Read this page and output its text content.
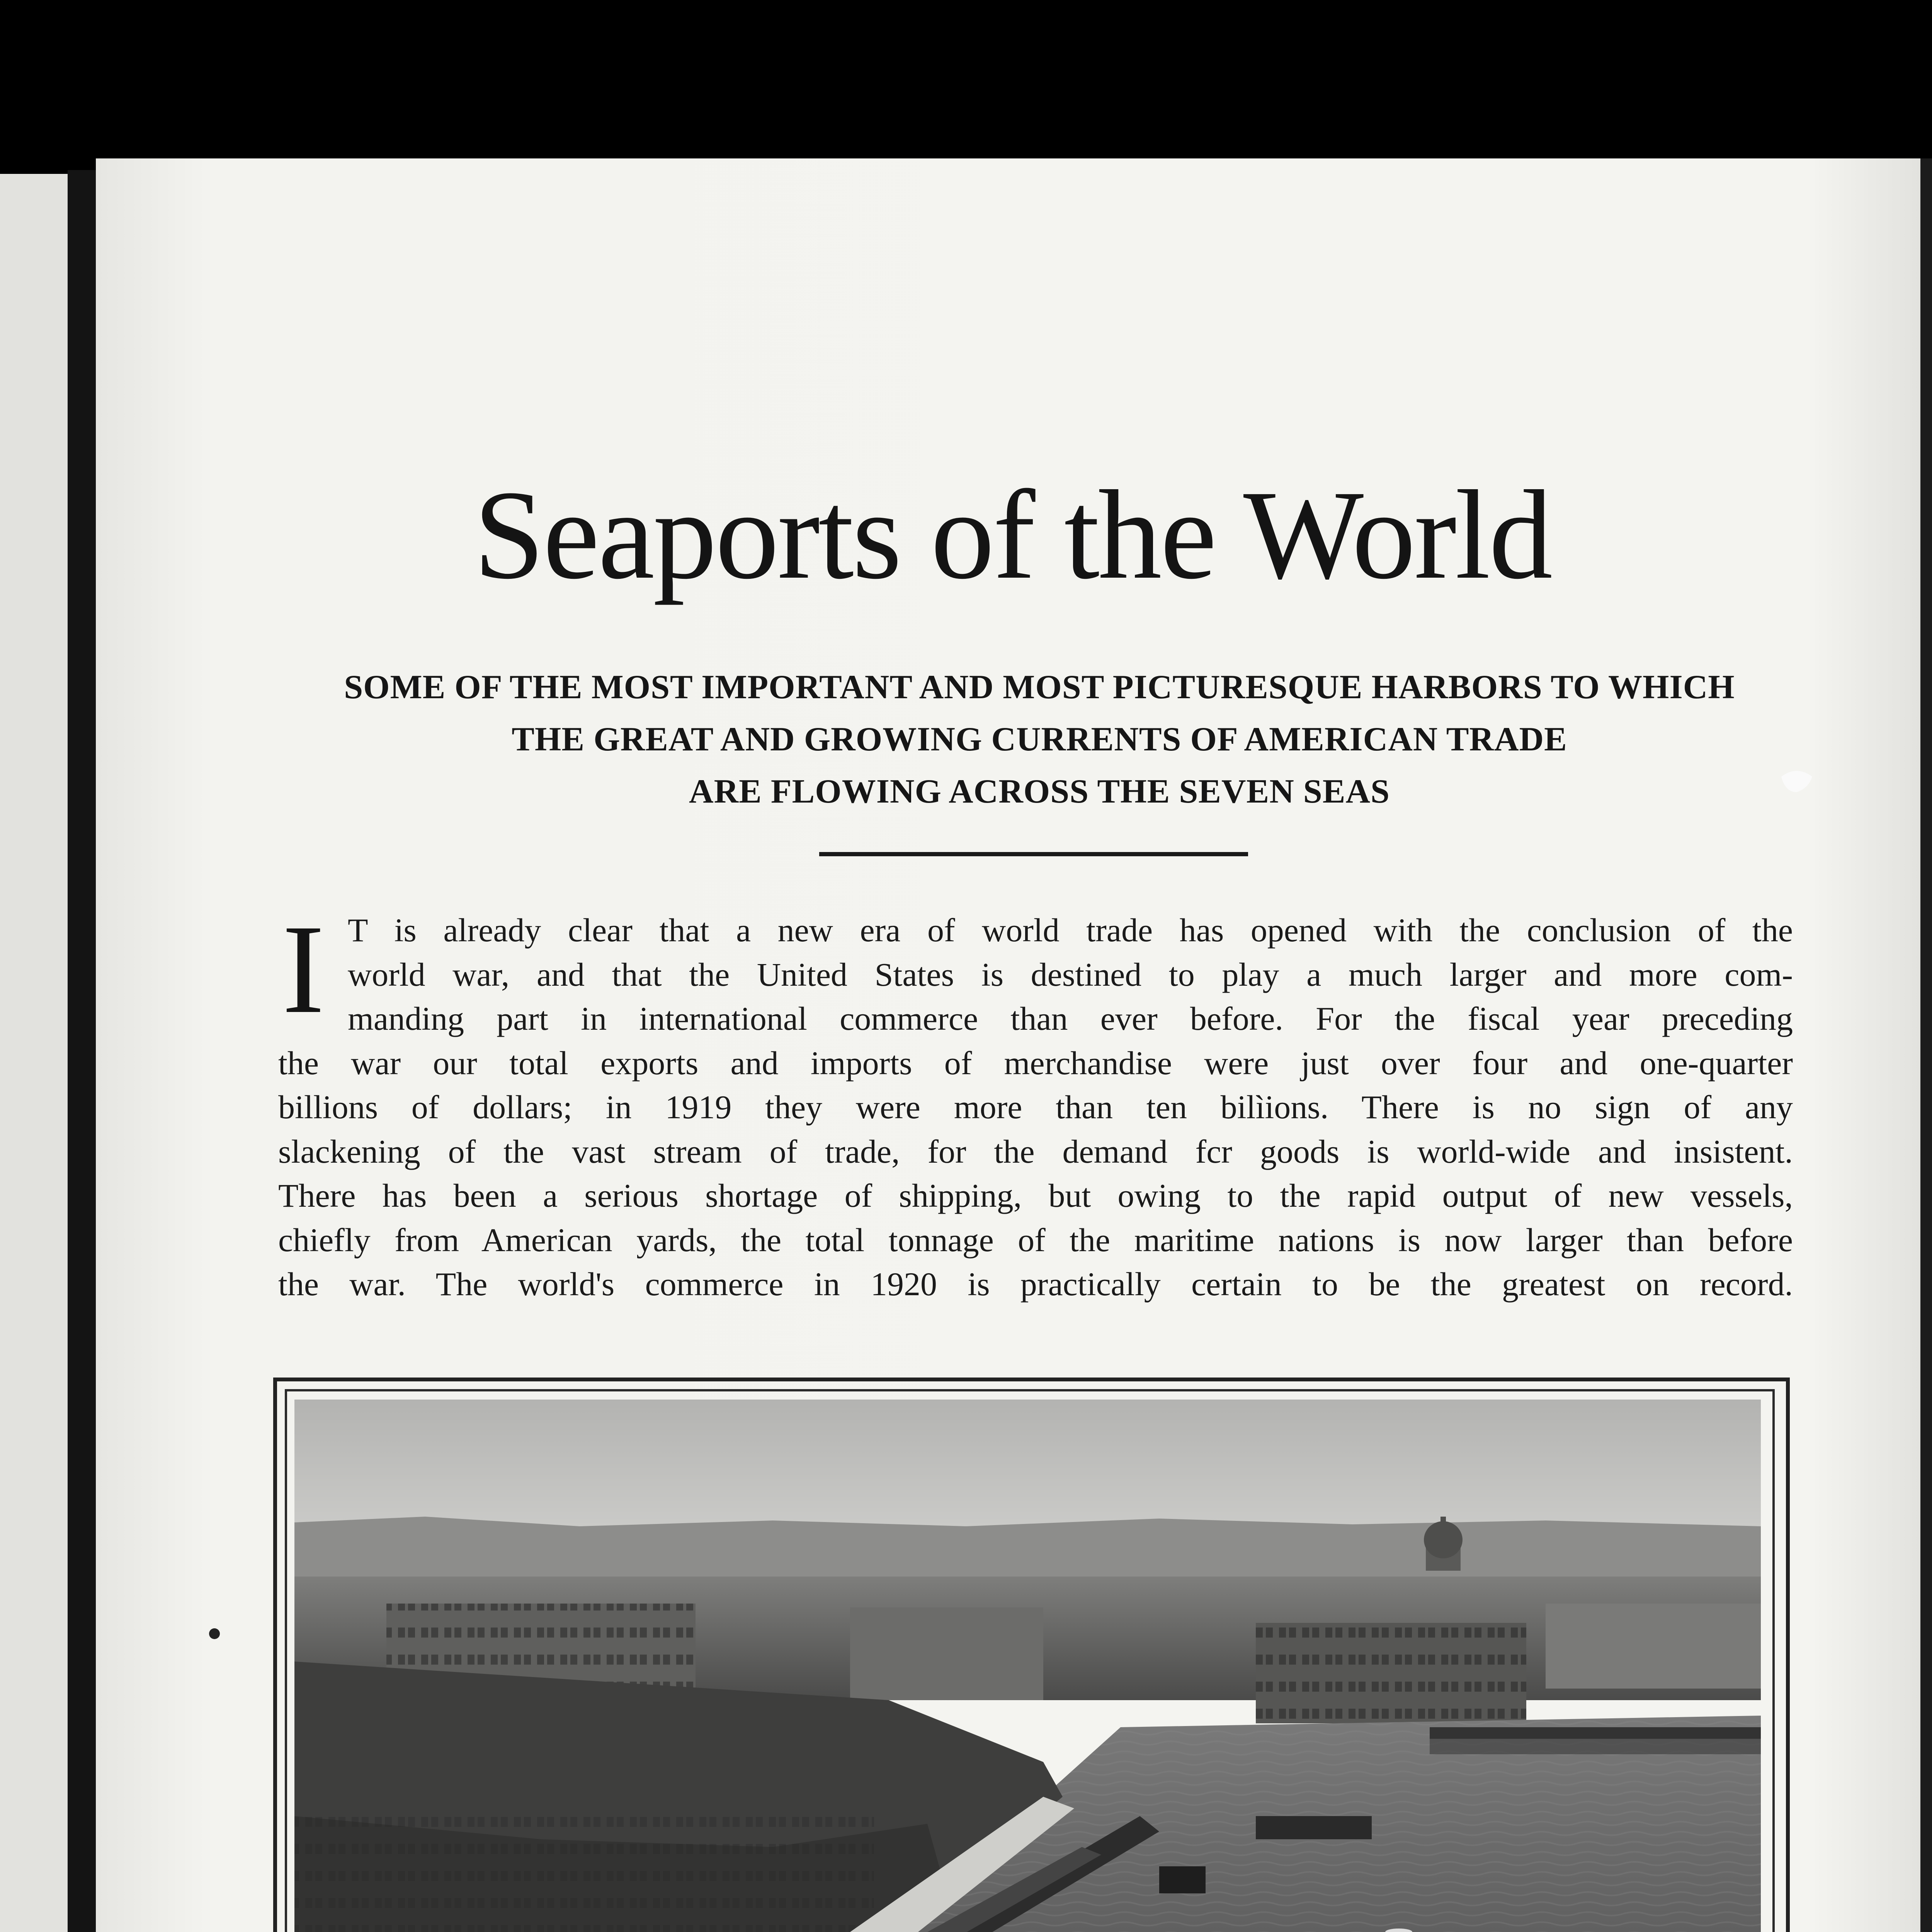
Seaports of the World
SOME OF THE MOST IMPORTANT AND MOST PICTURESQUE HARBORS TO WHICH
THE GREAT AND GROWING CURRENTS OF AMERICAN TRADE
ARE FLOWING ACROSS THE SEVEN SEAS
I T is already clear that a new era of world trade has opened with the conclusion of the
world war, and that the United States is destined to play a much larger and more com-
manding part in international commerce than ever before. For the fiscal year preceding
the war our total exports and imports of merchandise were just over four and one-quarter
billions of dollars; in 1919 they were more than ten bilìions. There is no sign of any
slackening of the vast stream of trade, for the demand fcr goods is world-wide and insistent.
There has been a serious shortage of shipping, but owing to the rapid output of new vessels,
chiefly from American yards, the total tonnage of the maritime nations is now larger than before
the war. The world's commerce in 1920 is practically certain to be the greatest on record.
